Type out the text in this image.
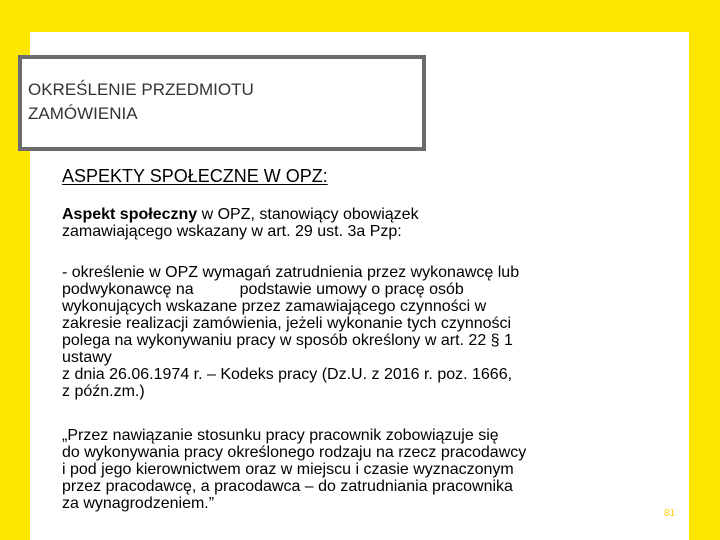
OKREŚLENIE PRZEDMIOTU
ZAMÓWIENIA
ASPEKTY SPOŁECZNE W OPZ:
Aspekt społeczny w OPZ, stanowiący obowiązek
zamawiającego wskazany w art. 29 ust. 3a Pzp:
- określenie w OPZ wymagań zatrudnienia przez wykonawcę lub
podwykonawcę na	podstawie umowy o pracę osób
wykonujących wskazane przez zamawiającego czynności w
zakresie realizacji zamówienia, jeżeli wykonanie tych czynności
polega na wykonywaniu pracy w sposób określony w art. 22 § 1
ustawy
z dnia 26.06.1974 r. – Kodeks pracy (Dz.U. z 2016 r. poz. 1666,
z późn.zm.)
„Przez nawiązanie stosunku pracy pracownik zobowiązuje się
do wykonywania pracy określonego rodzaju na rzecz pracodawcy
i pod jego kierownictwem oraz w miejscu i czasie wyznaczonym
przez pracodawcę, a pracodawca – do zatrudniania pracownika
za wynagrodzeniem.”
81
